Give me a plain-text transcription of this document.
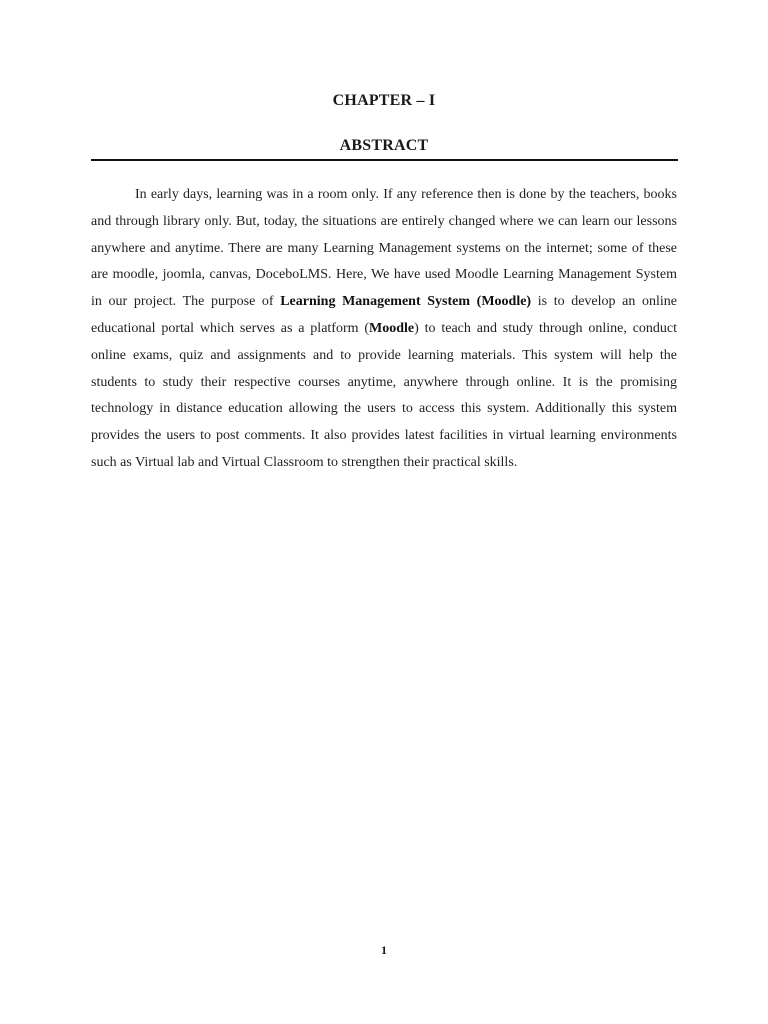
CHAPTER – I
ABSTRACT

In early days, learning was in a room only. If any reference then is done by the teachers, books and through library only. But, today, the situations are entirely changed where we can learn our lessons anywhere and anytime. There are many Learning Management systems on the internet; some of these are moodle, joomla, canvas, DoceboLMS. Here, We have used Moodle Learning Management System in our project. The purpose of Learning Management System (Moodle) is to develop an online educational portal which serves as a platform (Moodle) to teach and study through online, conduct online exams, quiz and assignments and to provide learning materials. This system will help the students to study their respective courses anytime, anywhere through online. It is the promising technology in distance education allowing the users to access this system. Additionally this system provides the users to post comments. It also provides latest facilities in virtual learning environments such as Virtual lab and Virtual Classroom to strengthen their practical skills.

1
